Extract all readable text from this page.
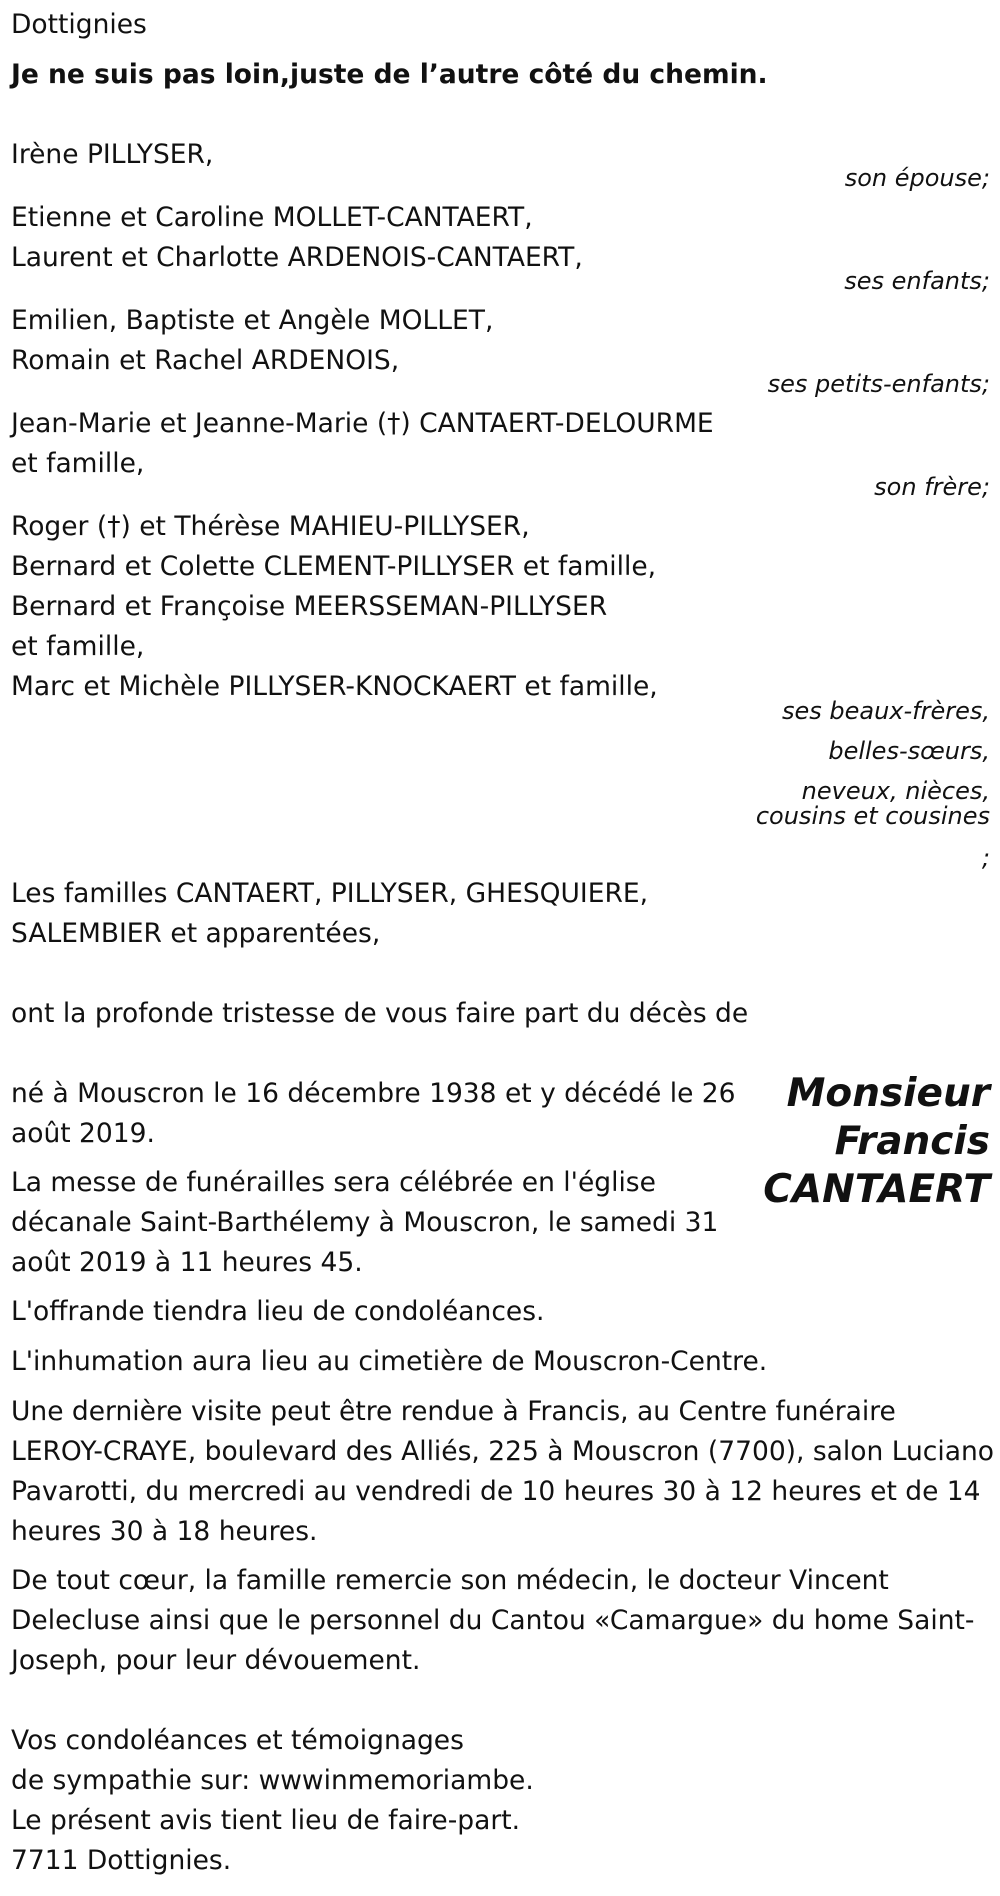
Dottignies
Je ne suis pas loin,juste de l’autre côté du chemin.
Irène PILLYSER,
son épouse;
Etienne et Caroline MOLLET-CANTAERT,
Laurent et Charlotte ARDENOIS-CANTAERT,
ses enfants;
Emilien, Baptiste et Angèle MOLLET,
Romain et Rachel ARDENOIS,
ses petits-enfants;
Jean-Marie et Jeanne-Marie (†) CANTAERT-DELOURME
et famille,
son frère;
Roger (†) et Thérèse MAHIEU-PILLYSER,
Bernard et Colette CLEMENT-PILLYSER et famille,
Bernard et Françoise MEERSSEMAN-PILLYSER
et famille,
Marc et Michèle PILLYSER-KNOCKAERT et famille,
ses beaux-frères,
belles-sœurs,
neveux, nièces,
cousins et cousines
;
Les familles CANTAERT, PILLYSER, GHESQUIERE,
SALEMBIER et apparentées,
ont la profonde tristesse de vous faire part du décès de
Monsieur
Francis
CANTAERT
né à Mouscron le 16 décembre 1938 et y décédé le 26
août 2019.
La messe de funérailles sera célébrée en l'église
décanale Saint-Barthélemy à Mouscron, le samedi 31
août 2019 à 11 heures 45.
L'offrande tiendra lieu de condoléances.
L'inhumation aura lieu au cimetière de Mouscron-Centre.
Une dernière visite peut être rendue à Francis, au Centre funéraire
LEROY-CRAYE, boulevard des Alliés, 225 à Mouscron (7700), salon Luciano
Pavarotti, du mercredi au vendredi de 10 heures 30 à 12 heures et de 14
heures 30 à 18 heures.
De tout cœur, la famille remercie son médecin, le docteur Vincent
Delecluse ainsi que le personnel du Cantou «Camargue» du home Saint-
Joseph, pour leur dévouement.
Vos condoléances et témoignages
de sympathie sur: wwwinmemoriambe.
Le présent avis tient lieu de faire-part.
7711 Dottignies.
